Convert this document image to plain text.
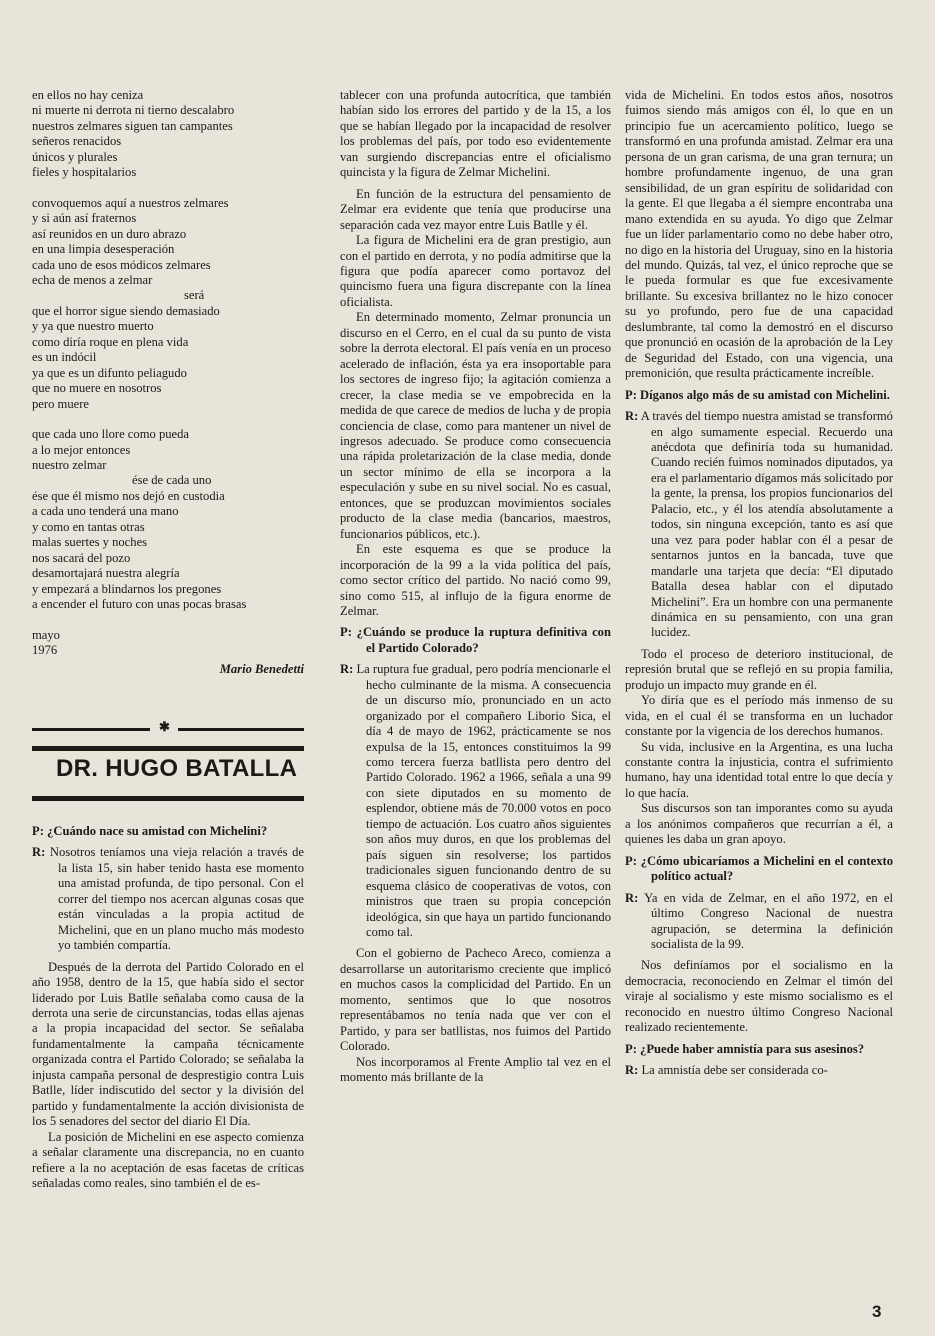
en ellos no hay ceniza

ni muerte ni derrota ni tierno descalabro

nuestros zelmares siguen tan campantes

señeros renacidos

únicos y plurales

fieles y hospitalarios

convoquemos aquí a nuestros zelmares

y si aún así fraternos

así reunidos en un duro abrazo

en una limpia desesperación

cada uno de esos módicos zelmares

echa de menos a zelmar

será

que el horror sigue siendo demasiado

y ya que nuestro muerto

como diría roque en plena vida

es un indócil

ya que es un difunto peliagudo

que no muere en nosotros

pero muere

que cada uno llore como pueda

a lo mejor entonces

nuestro zelmar

ése de cada uno

ése que él mismo nos dejó en custodia

a cada uno tenderá una mano

y como en tantas otras

malas suertes y noches

nos sacará del pozo

desamortajará nuestra alegría

y empezará a blindarnos los pregones

a encender el futuro con unas pocas brasas

mayo

1976

Mario Benedetti

P: ¿Cuándo nace su amistad con Michelini?

R: Nosotros teníamos una vieja relación a través de la lista 15, sin haber tenido hasta ese momento una amistad profunda, de tipo personal. Con el correr del tiempo nos acercan algunas cosas que están vinculadas a la propia actitud de Michelini, que en un plano mucho más modesto yo también compartía.

Después de la derrota del Partido Colorado en el año 1958, dentro de la 15, que había sido el sector liderado por Luis Batlle señalaba como causa de la derrota una serie de circunstancias, todas ellas ajenas a la propia incapacidad del sector. Se señalaba fundamentalmente la campaña técnicamente organizada contra el Partido Colorado; se señalaba la injusta campaña personal de desprestigio contra Luis Batlle, líder indiscutido del sector y la división del partido y fundamentalmente la acción divisionista de los 5 senadores del sector del diario El Día.

La posición de Michelini en ese aspecto comienza a señalar claramente una discrepancia, no en cuanto refiere a la no aceptación de esas facetas de críticas señaladas como reales, sino también el de es-

✱
DR. HUGO BATALLA

tablecer con una profunda autocrítica, que también habían sido los errores del partido y de la 15, a los que se habían llegado por la incapacidad de resolver los problemas del país, por todo eso evidentemente van surgiendo discrepancias entre el oficialismo quincista y la figura de Zelmar Michelini.

En función de la estructura del pensamiento de Zelmar era evidente que tenía que producirse una separación cada vez mayor entre Luis Batlle y él.

La figura de Michelini era de gran prestigio, aun con el partido en derrota, y no podía admitirse que la figura que podía aparecer como portavoz del quincismo fuera una figura discrepante con la línea oficialista.

En determinado momento, Zelmar pronuncia un discurso en el Cerro, en el cual da su punto de vista sobre la derrota electoral. El país venía en un proceso acelerado de inflación, ésta ya era insoportable para los sectores de ingreso fijo; la agitación comienza a crecer, la clase media se ve empobrecida en la medida de que carece de medios de lucha y de propia conciencia de clase, como para mantener un nivel de ingresos adecuado. Se produce como consecuencia una rápida proletarización de la clase media, donde un sector mínimo de ella se incorpora a la especulación y sube en su nivel social. No es casual, entonces, que se produzcan movimientos sociales producto de la clase media (bancarios, maestros, funcionarios públicos, etc.).

En este esquema es que se produce la incorporación de la 99 a la vida política del país, como sector crítico del partido. No nació como 99, sino como 515, al influjo de la figura enorme de Zelmar.

P: ¿Cuándo se produce la ruptura definitiva con el Partido Colorado?

R: La ruptura fue gradual, pero podría mencionarle el hecho culminante de la misma. A consecuencia de un discurso mío, pronunciado en un acto organizado por el compañero Liborio Sica, el día 4 de mayo de 1962, prácticamente se nos expulsa de la 15, entonces constituimos la 99 como tercera fuerza batllista pero dentro del Partido Colorado. 1962 a 1966, señala a una 99 con siete diputados en su momento de esplendor, obtiene más de 70.000 votos en poco tiempo de actuación. Los cuatro años siguientes son años muy duros, en que los problemas del país siguen sin resolverse; los partidos tradicionales siguen funcionando dentro de su esquema clásico de cooperativas de votos, con ministros que traen su propia concepción ideológica, sin que haya un partido funcionando como tal.

Con el gobierno de Pacheco Areco, comienza a desarrollarse un autoritarismo creciente que implicó en muchos casos la complicidad del Partido. En un momento, sentimos que lo que nosotros representábamos no tenía nada que ver con el Partido, y para ser batllistas, nos fuimos del Partido Colorado.

Nos incorporamos al Frente Amplio tal vez en el momento más brillante de la

vida de Michelini. En todos estos años, nosotros fuimos siendo más amigos con él, lo que en un principio fue un acercamiento político, luego se transformó en una profunda amistad. Zelmar era una persona de un gran carisma, de una gran ternura; un hombre profundamente ingenuo, de una gran sensibilidad, de un gran espíritu de solidaridad con la gente. El que llegaba a él siempre encontraba una mano extendida en su ayuda. Yo digo que Zelmar fue un líder parlamentario como no debe haber otro, no digo en la historia del Uruguay, sino en la historia del mundo. Quizás, tal vez, el único reproche que se le pueda formular es que fue excesivamente brillante. Su excesiva brillantez no le hizo conocer su yo profundo, pero fue de una capacidad deslumbrante, tal como la demostró en el discurso que pronunció en ocasión de la aprobación de la Ley de Seguridad del Estado, con una vigencia, una premonición, que resulta prácticamente increíble.

P: Díganos algo más de su amistad con Michelini.

R: A través del tiempo nuestra amistad se transformó en algo sumamente especial. Recuerdo una anécdota que definiría toda su humanidad. Cuando recién fuimos nominados diputados, ya era el parlamentario dígamos más solicitado por la gente, la prensa, los propios funcionarios del Palacio, etc., y él los atendía absolutamente a todos, sin ninguna excepción, tanto es así que una vez para poder hablar con él a pesar de sentarnos juntos en la bancada, tuve que mandarle una tarjeta que decía: “El diputado Batalla desea hablar con el diputado Michelini”. Era un hombre con una permanente dinámica en su pensamiento, con una gran lucidez.

Todo el proceso de deterioro institucional, de represión brutal que se reflejó en su propia familia, produjo un impacto muy grande en él.

Yo diría que es el período más inmenso de su vida, en el cual él se transforma en un luchador constante por la vigencia de los derechos humanos.

Su vida, inclusive en la Argentina, es una lucha constante contra la injusticia, contra el sufrimiento humano, hay una identidad total entre lo que decía y lo que hacía.

Sus discursos son tan imporantes como su ayuda a los anónimos compañeros que recurrían a él, a quienes les daba un gran apoyo.

P: ¿Cómo ubicaríamos a Michelini en el contexto político actual?

R: Ya en vida de Zelmar, en el año 1972, en el último Congreso Nacional de nuestra agrupación, se determina la definición socialista de la 99.

Nos definíamos por el socialismo en la democracia, reconociendo en Zelmar el timón del viraje al socialismo y este mismo socialismo es el reconocido en nuestro último Congreso Nacional realizado recientemente.

P: ¿Puede haber amnistía para sus asesinos?

R: La amnistía debe ser considerada co-

3
